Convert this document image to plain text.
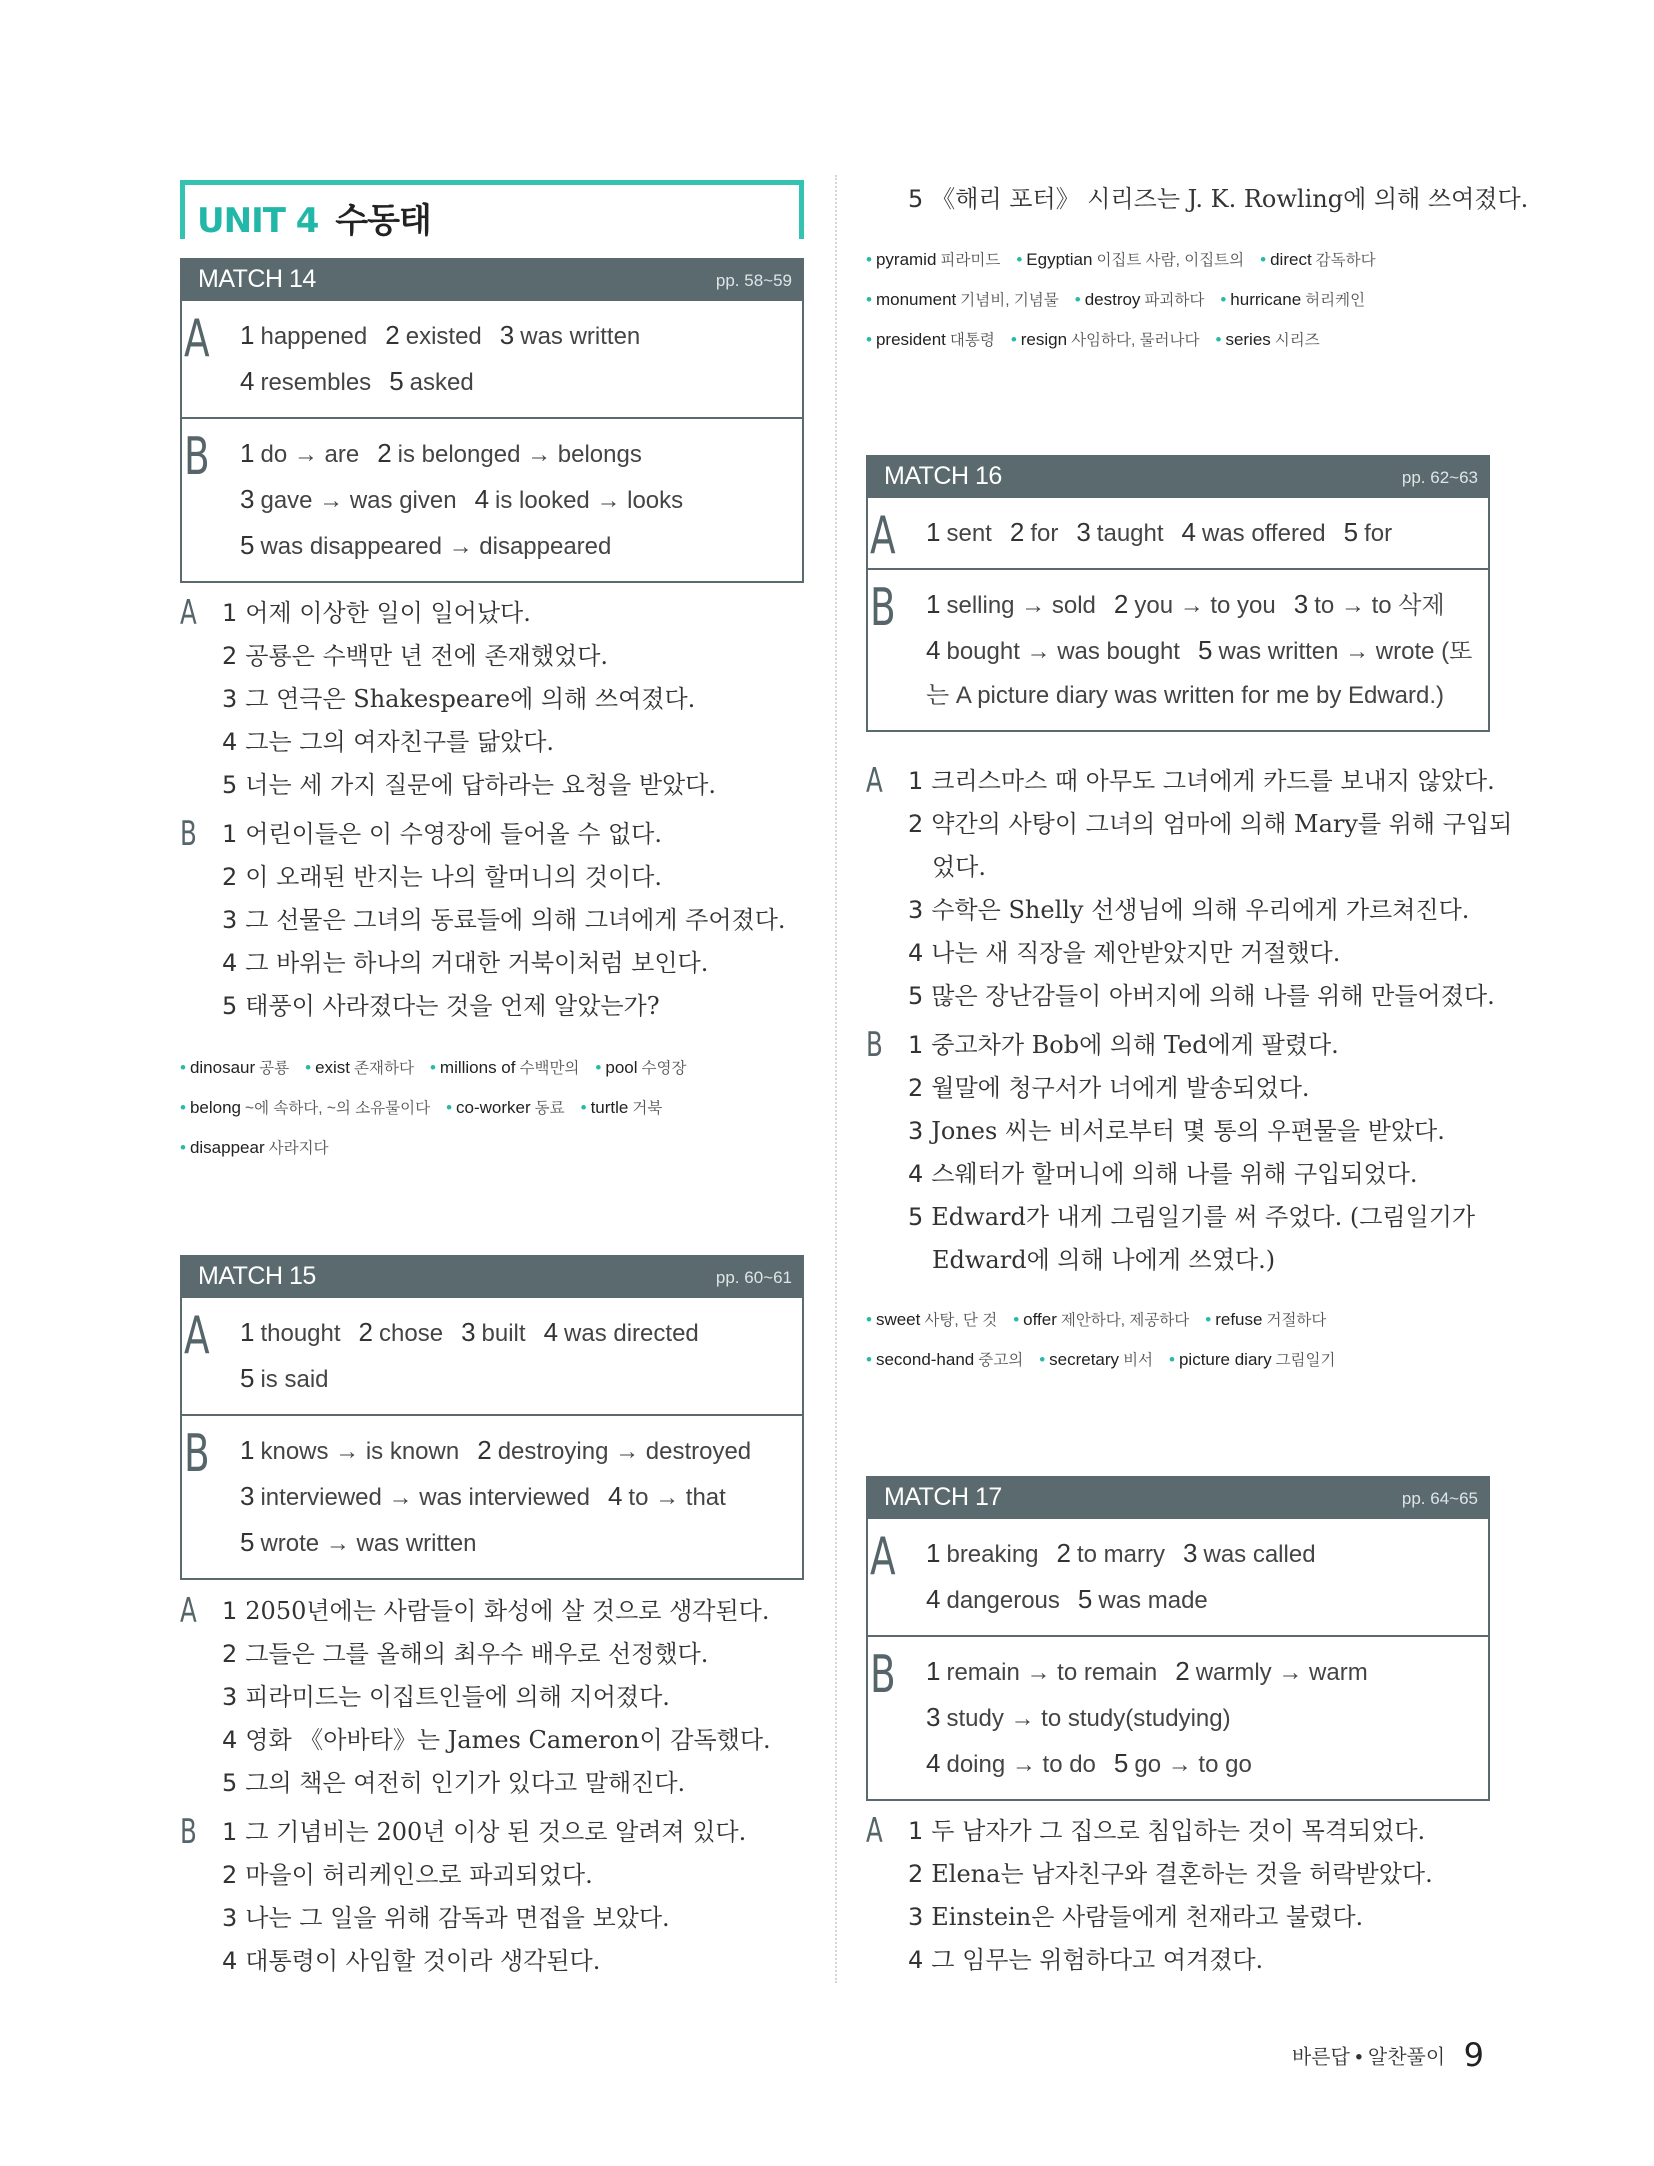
UNIT 4 수동태
MATCH 14	pp. 58~59
A 1 happened 2 existed 3 was written
4 resembles 5 asked
B 1 do → are 2 is belonged → belongs
3 gave → was given 4 is looked → looks
5 was disappeared → disappeared
A 1 어제 이상한 일이 일어났다.
2 공룡은 수백만 년 전에 존재했었다.
3 그 연극은 Shakespeare에 의해 쓰여졌다.
4 그는 그의 여자친구를 닮았다.
5 너는 세 가지 질문에 답하라는 요청을 받았다.
B 1 어린이들은 이 수영장에 들어올 수 없다.
2 이 오래된 반지는 나의 할머니의 것이다.
3 그 선물은 그녀의 동료들에 의해 그녀에게 주어졌다.
4 그 바위는 하나의 거대한 거북이처럼 보인다.
5 태풍이 사라졌다는 것을 언제 알았는가?
• dinosaur 공룡 • exist 존재하다 • millions of 수백만의 • pool 수영장
• belong ~에 속하다, ~의 소유물이다 • co-worker 동료 • turtle 거북
• disappear 사라지다
MATCH 15	pp. 60~61
A 1 thought 2 chose 3 built 4 was directed
5 is said
B 1 knows → is known 2 destroying → destroyed
3 interviewed → was interviewed 4 to → that
5 wrote → was written
A 1 2050년에는 사람들이 화성에 살 것으로 생각된다.
2 그들은 그를 올해의 최우수 배우로 선정했다.
3 피라미드는 이집트인들에 의해 지어졌다.
4 영화 《아바타》는 James Cameron이 감독했다.
5 그의 책은 여전히 인기가 있다고 말해진다.
B 1 그 기념비는 200년 이상 된 것으로 알려져 있다.
2 마을이 허리케인으로 파괴되었다.
3 나는 그 일을 위해 감독과 면접을 보았다.
4 대통령이 사임할 것이라 생각된다.
5 《해리 포터》 시리즈는 J. K. Rowling에 의해 쓰여졌다.
• pyramid 피라미드 • Egyptian 이집트 사람, 이집트의 • direct 감독하다
• monument 기념비, 기념물 • destroy 파괴하다 • hurricane 허리케인
• president 대통령 • resign 사임하다, 물러나다 • series 시리즈
MATCH 16	pp. 62~63
A 1 sent 2 for 3 taught 4 was offered 5 for
B 1 selling → sold 2 you → to you 3 to → to 삭제
4 bought → was bought 5 was written → wrote (또
는 A picture diary was written for me by Edward.)
A 1 크리스마스 때 아무도 그녀에게 카드를 보내지 않았다.
2 약간의 사탕이 그녀의 엄마에 의해 Mary를 위해 구입되
었다.
3 수학은 Shelly 선생님에 의해 우리에게 가르쳐진다.
4 나는 새 직장을 제안받았지만 거절했다.
5 많은 장난감들이 아버지에 의해 나를 위해 만들어졌다.
B 1 중고차가 Bob에 의해 Ted에게 팔렸다.
2 월말에 청구서가 너에게 발송되었다.
3 Jones 씨는 비서로부터 몇 통의 우편물을 받았다.
4 스웨터가 할머니에 의해 나를 위해 구입되었다.
5 Edward가 내게 그림일기를 써 주었다. (그림일기가
Edward에 의해 나에게 쓰였다.)
• sweet 사탕, 단 것 • offer 제안하다, 제공하다 • refuse 거절하다
• second-hand 중고의 • secretary 비서 • picture diary 그림일기
MATCH 17	pp. 64~65
A 1 breaking 2 to marry 3 was called
4 dangerous 5 was made
B 1 remain → to remain 2 warmly → warm
3 study → to study(studying)
4 doing → to do 5 go → to go
A 1 두 남자가 그 집으로 침입하는 것이 목격되었다.
2 Elena는 남자친구와 결혼하는 것을 허락받았다.
3 Einstein은 사람들에게 천재라고 불렸다.
4 그 임무는 위험하다고 여겨졌다.
바른답 • 알찬풀이 9
